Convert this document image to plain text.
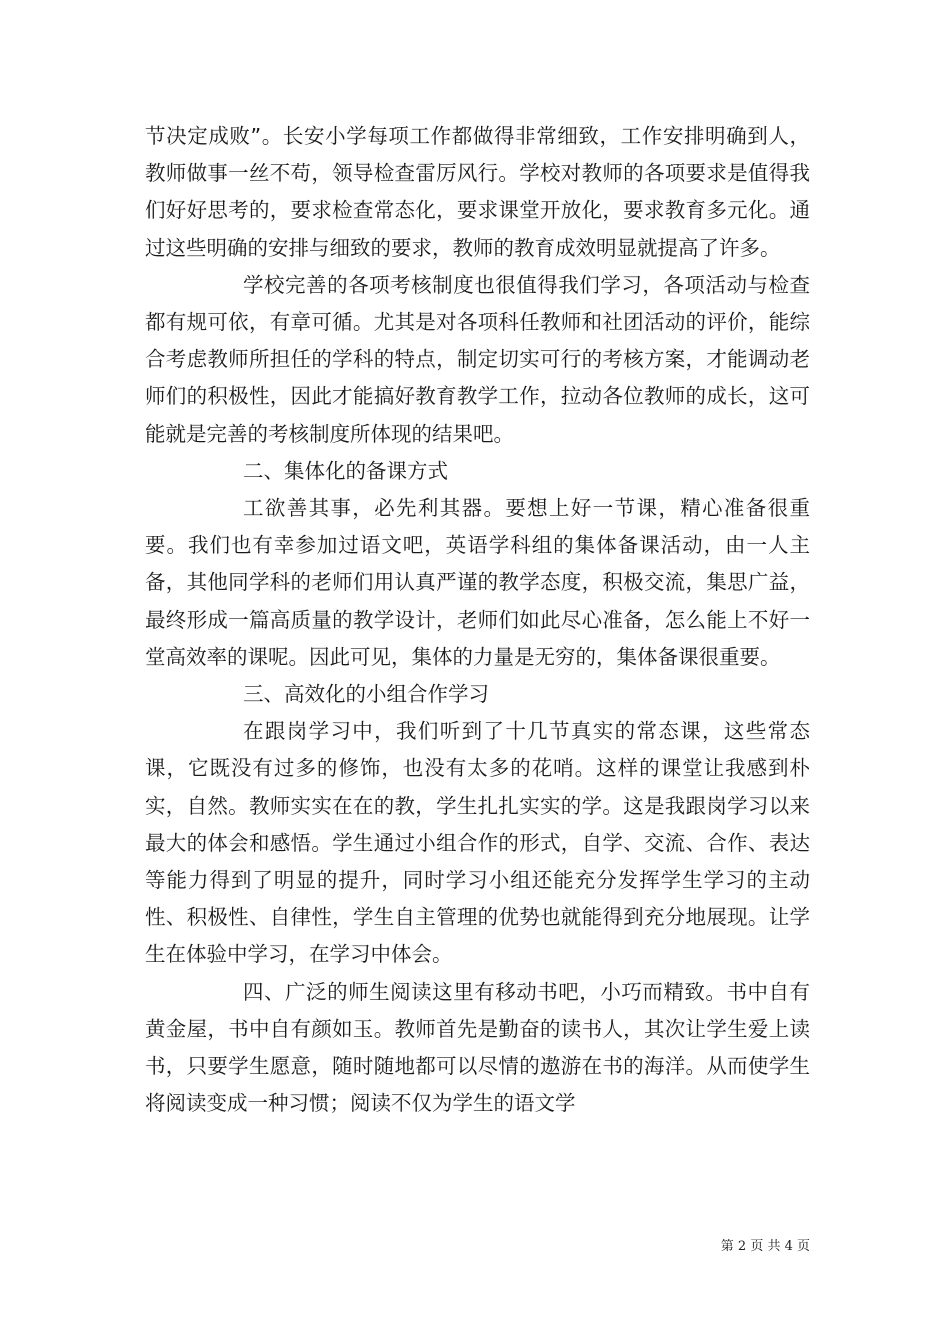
节决定成败”。长安小学每项工作都做得非常细致，工作安排明确到人，教师做事一丝不苟，领导检查雷厉风行。学校对教师的各项要求是值得我们好好思考的，要求检查常态化，要求课堂开放化，要求教育多元化。通过这些明确的安排与细致的要求，教师的教育成效明显就提高了许多。

学校完善的各项考核制度也很值得我们学习，各项活动与检查都有规可依，有章可循。尤其是对各项科任教师和社团活动的评价，能综合考虑教师所担任的学科的特点，制定切实可行的考核方案，才能调动老师们的积极性，因此才能搞好教育教学工作，拉动各位教师的成长，这可能就是完善的考核制度所体现的结果吧。

二、集体化的备课方式

工欲善其事，必先利其器。要想上好一节课，精心准备很重要。我们也有幸参加过语文吧，英语学科组的集体备课活动，由一人主备，其他同学科的老师们用认真严谨的教学态度，积极交流，集思广益，最终形成一篇高质量的教学设计，老师们如此尽心准备，怎么能上不好一堂高效率的课呢。因此可见，集体的力量是无穷的，集体备课很重要。

三、高效化的小组合作学习

在跟岗学习中，我们听到了十几节真实的常态课，这些常态课，它既没有过多的修饰，也没有太多的花哨。这样的课堂让我感到朴实，自然。教师实实在在的教，学生扎扎实实的学。这是我跟岗学习以来最大的体会和感悟。学生通过小组合作的形式，自学、交流、合作、表达等能力得到了明显的提升，同时学习小组还能充分发挥学生学习的主动性、积极性、自律性，学生自主管理的优势也就能得到充分地展现。让学生在体验中学习，在学习中体会。

四、广泛的师生阅读这里有移动书吧，小巧而精致。书中自有黄金屋，书中自有颜如玉。教师首先是勤奋的读书人，其次让学生爱上读书，只要学生愿意，随时随地都可以尽情的遨游在书的海洋。从而使学生将阅读变成一种习惯；阅读不仅为学生的语文学

第 2 页 共 4 页
